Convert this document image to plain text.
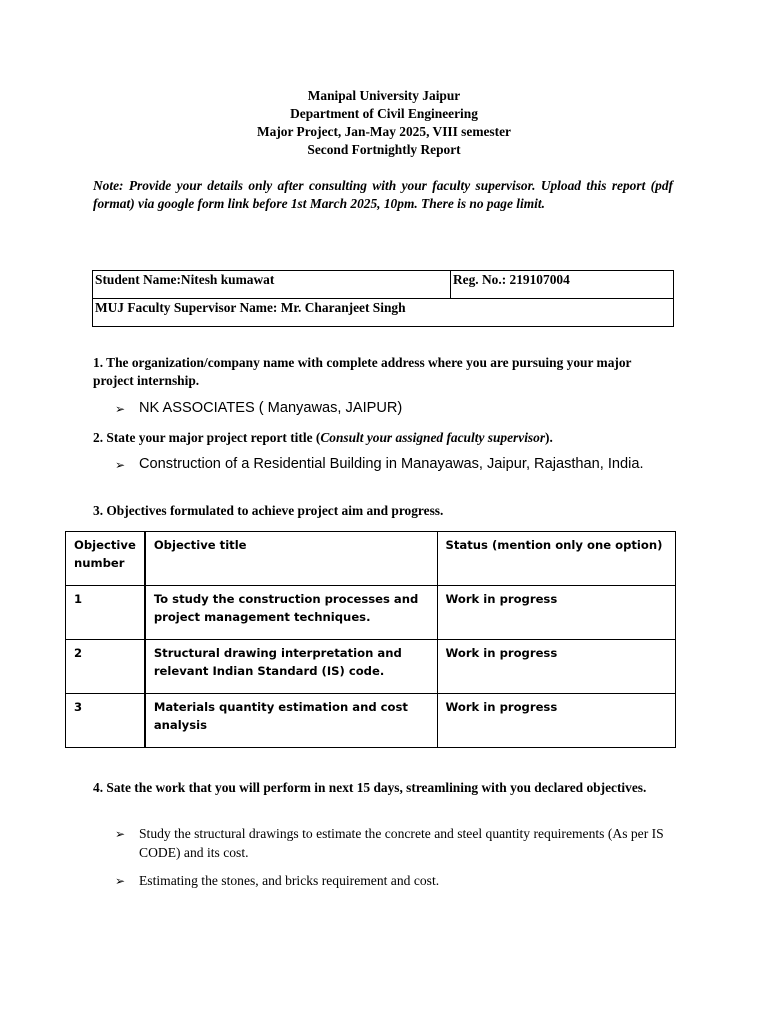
Manipal University Jaipur
Department of Civil Engineering
Major Project, Jan-May 2025, VIII semester
Second Fortnightly Report
Note: Provide your details only after consulting with your faculty supervisor. Upload this report (pdf format) via google form link before 1st March 2025, 10pm. There is no page limit.
Student Name:Nitesh kumawat	Reg. No.: 219107004
MUJ Faculty Supervisor Name: Mr. Charanjeet Singh
1. The organization/company name with complete address where you are pursuing your major project internship.
➢ NK ASSOCIATES ( Manyawas, JAIPUR)
2. State your major project report title (Consult your assigned faculty supervisor).
➢ Construction of a Residential Building in Manayawas, Jaipur, Rajasthan, India.
3. Objectives formulated to achieve project aim and progress.
Objective number	Objective title	Status (mention only one option)
1	To study the construction processes and project management techniques.	Work in progress
2	Structural drawing interpretation and relevant Indian Standard (IS) code.	Work in progress
3	Materials quantity estimation and cost analysis	Work in progress
4. Sate the work that you will perform in next 15 days, streamlining with you declared objectives.
➢	Study the structural drawings to estimate the concrete and steel quantity requirements (As per IS CODE) and its cost.
➢	Estimating the stones, and bricks requirement and cost.
